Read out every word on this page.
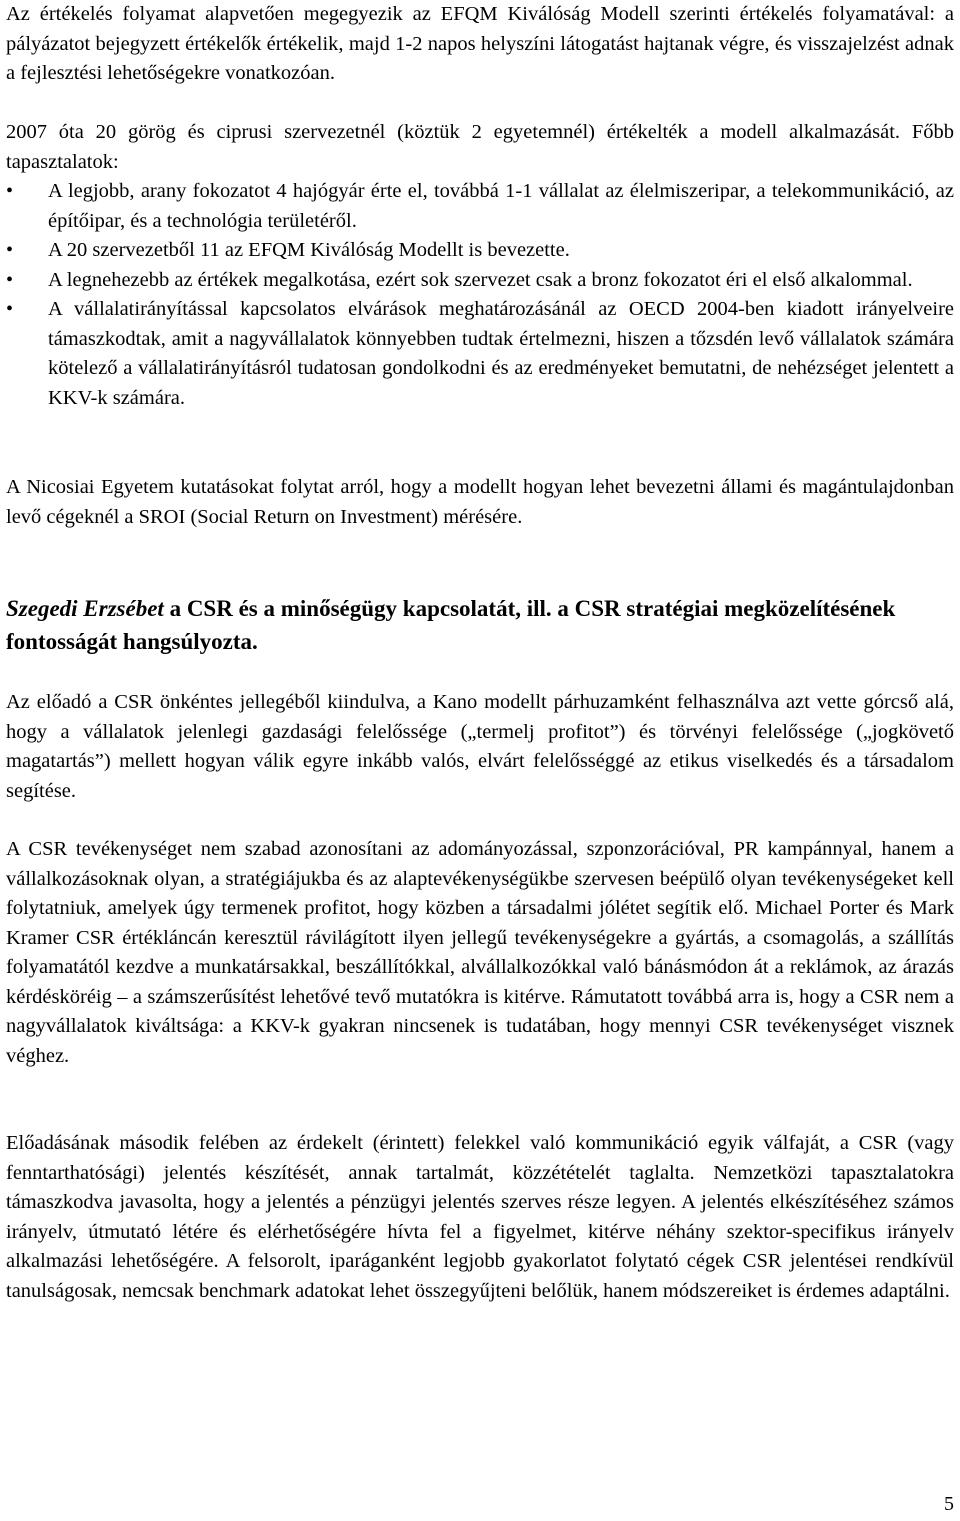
Az értékelés folyamat alapvetően megegyezik az EFQM Kiválóság Modell szerinti értékelés folyamatával: a pályázatot bejegyzett értékelők értékelik, majd 1-2 napos helyszíni látogatást hajtanak végre, és visszajelzést adnak a fejlesztési lehetőségekre vonatkozóan.

2007 óta 20 görög és ciprusi szervezetnél (köztük 2 egyetemnél) értékelték a modell alkalmazását. Főbb tapasztalatok:

• A legjobb, arany fokozatot 4 hajógyár érte el, továbbá 1-1 vállalat az élelmiszeripar, a telekommunikáció, az építőipar, és a technológia területéről.
• A 20 szervezetből 11 az EFQM Kiválóság Modellt is bevezette.
• A legnehezebb az értékek megalkotása, ezért sok szervezet csak a bronz fokozatot éri el első alkalommal.
• A vállalatirányítással kapcsolatos elvárások meghatározásánál az OECD 2004-ben kiadott irányelveire támaszkodtak, amit a nagyvállalatok könnyebben tudtak értelmezni, hiszen a tőzsdén levő vállalatok számára kötelező a vállalatirányításról tudatosan gondolkodni és az eredményeket bemutatni, de nehézséget jelentett a KKV-k számára.

A Nicosiai Egyetem kutatásokat folytat arról, hogy a modellt hogyan lehet bevezetni állami és magántulajdonban levő cégeknél a SROI (Social Return on Investment) mérésére.

Szegedi Erzsébet a CSR és a minőségügy kapcsolatát, ill. a CSR stratégiai megközelítésének fontosságát hangsúlyozta.

Az előadó a CSR önkéntes jellegéből kiindulva, a Kano modellt párhuzamként felhasználva azt vette górcső alá, hogy a vállalatok jelenlegi gazdasági felelőssége („termelj profitot”) és törvényi felelőssége („jogkövető magatartás”) mellett hogyan válik egyre inkább valós, elvárt felelősséggé az etikus viselkedés és a társadalom segítése.

A CSR tevékenységet nem szabad azonosítani az adományozással, szponzorációval, PR kampánnyal, hanem a vállalkozásoknak olyan, a stratégiájukba és az alaptevékenységükbe szervesen beépülő olyan tevékenységeket kell folytatniuk, amelyek úgy termenek profitot, hogy közben a társadalmi jólétet segítik elő. Michael Porter és Mark Kramer CSR értékláncán keresztül rávilágított ilyen jellegű tevékenységekre a gyártás, a csomagolás, a szállítás folyamatától kezdve a munkatársakkal, beszállítókkal, alvállalkozókkal való bánásmódon át a reklámok, az árazás kérdésköréig – a számszerűsítést lehetővé tevő mutatókra is kitérve. Rámutatott továbbá arra is, hogy a CSR nem a nagyvállalatok kiváltsága: a KKV-k gyakran nincsenek is tudatában, hogy mennyi CSR tevékenységet visznek véghez.

Előadásának második felében az érdekelt (érintett) felekkel való kommunikáció egyik válfaját, a CSR (vagy fenntarthatósági) jelentés készítését, annak tartalmát, közzétételét taglalta. Nemzetközi tapasztalatokra támaszkodva javasolta, hogy a jelentés a pénzügyi jelentés szerves része legyen. A jelentés elkészítéséhez számos irányelv, útmutató létére és elérhetőségére hívta fel a figyelmet, kitérve néhány szektor-specifikus irányelv alkalmazási lehetőségére. A felsorolt, iparáganként legjobb gyakorlatot folytató cégek CSR jelentései rendkívül tanulságosak, nemcsak benchmark adatokat lehet összegyűjteni belőlük, hanem módszereiket is érdemes adaptálni.

5
